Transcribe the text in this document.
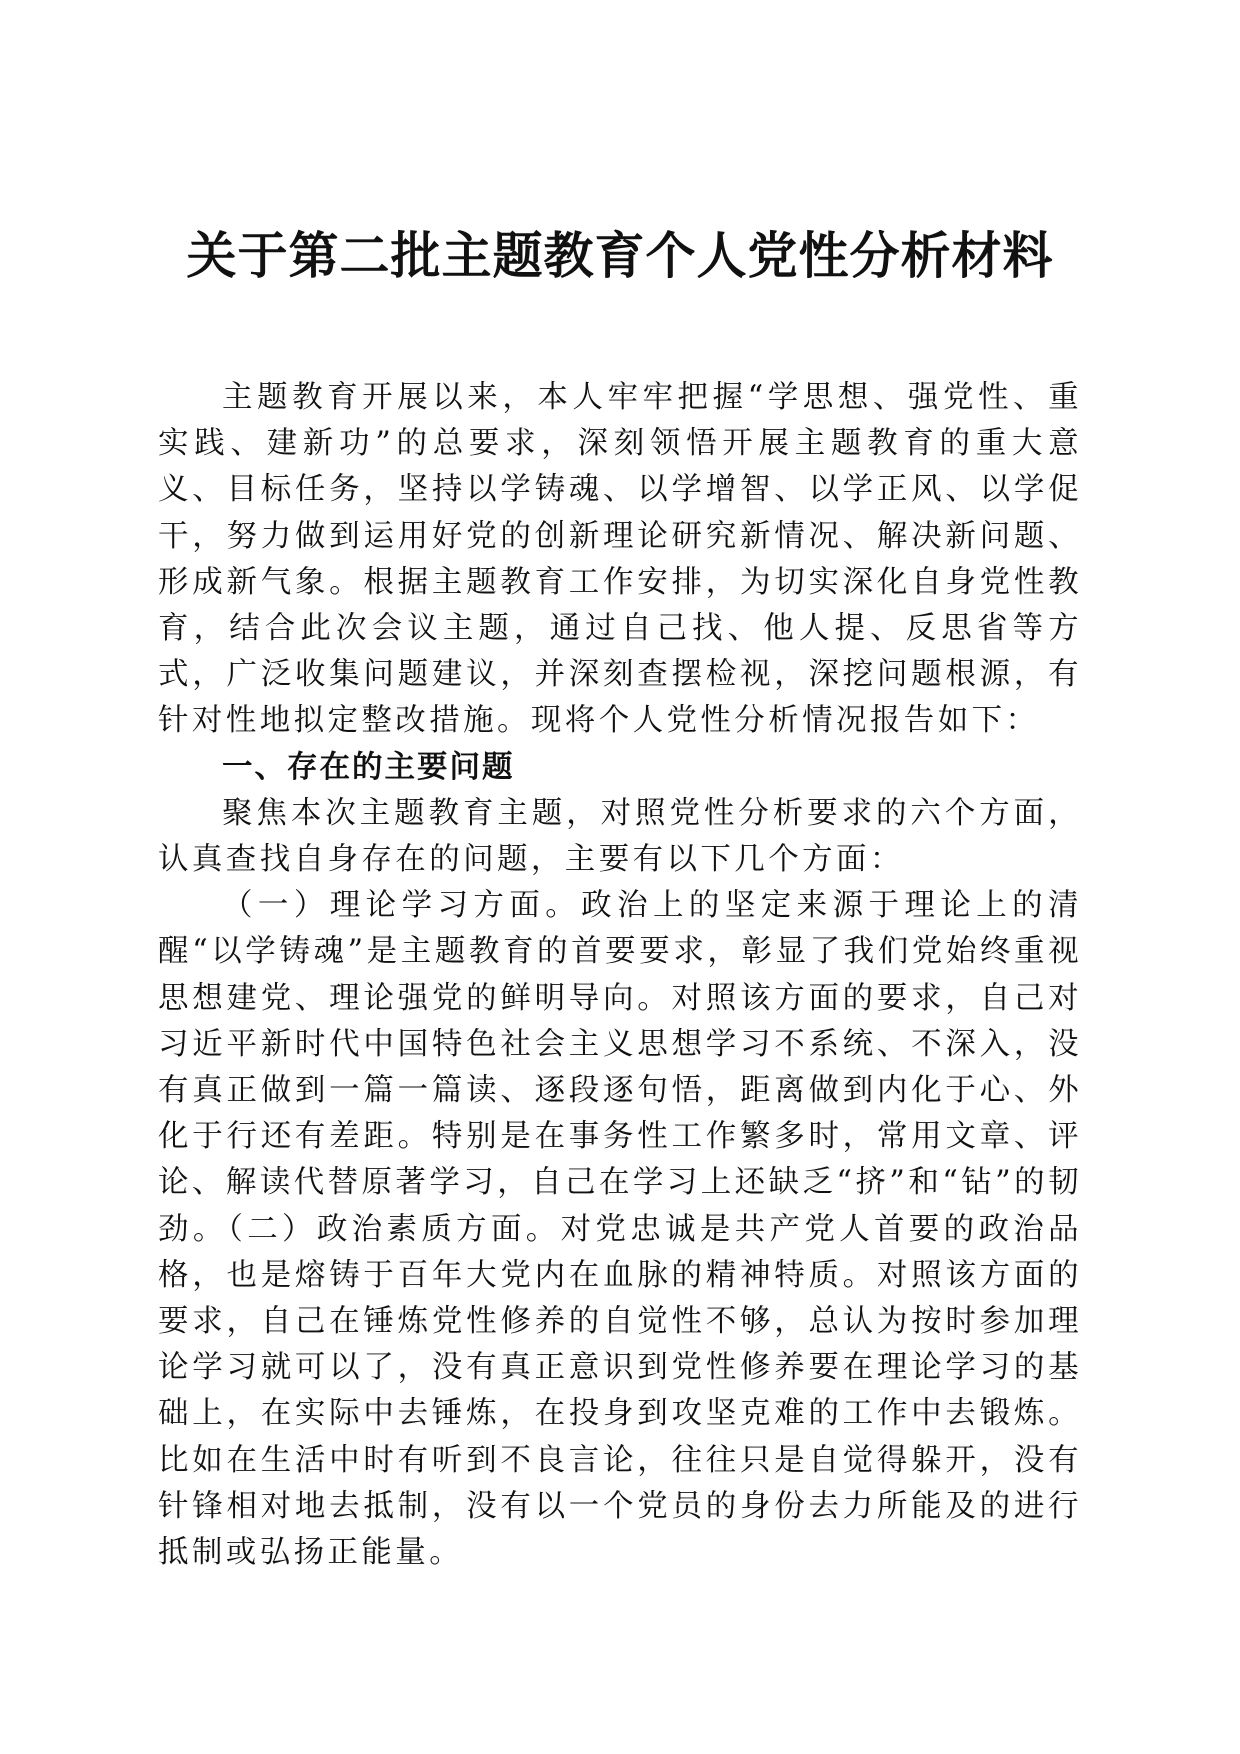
关于第二批主题教育个人党性分析材料

主题教育开展以来，本人牢牢把握“学思想、强党性、重实践、建新功”的总要求，深刻领悟开展主题教育的重大意义、目标任务，坚持以学铸魂、以学增智、以学正风、以学促干，努力做到运用好党的创新理论研究新情况、解决新问题、形成新气象。根据主题教育工作安排，为切实深化自身党性教育，结合此次会议主题，通过自己找、他人提、反思省等方式，广泛收集问题建议，并深刻查摆检视，深挖问题根源，有针对性地拟定整改措施。现将个人党性分析情况报告如下：

一、存在的主要问题

聚焦本次主题教育主题，对照党性分析要求的六个方面，认真查找自身存在的问题，主要有以下几个方面：

（一）理论学习方面。政治上的坚定来源于理论上的清醒“以学铸魂”是主题教育的首要要求，彰显了我们党始终重视思想建党、理论强党的鲜明导向。对照该方面的要求，自己对习近平新时代中国特色社会主义思想学习不系统、不深入，没有真正做到一篇一篇读、逐段逐句悟，距离做到内化于心、外化于行还有差距。特别是在事务性工作繁多时，常用文章、评论、解读代替原著学习，自己在学习上还缺乏“挤”和“钻”的韧劲。（二）政治素质方面。对党忠诚是共产党人首要的政治品格，也是熔铸于百年大党内在血脉的精神特质。对照该方面的要求，自己在锤炼党性修养的自觉性不够，总认为按时参加理论学习就可以了，没有真正意识到党性修养要在理论学习的基础上，在实际中去锤炼，在投身到攻坚克难的工作中去锻炼。比如在生活中时有听到不良言论，往往只是自觉得躲开，没有针锋相对地去抵制，没有以一个党员的身份去力所能及的进行抵制或弘扬正能量。
